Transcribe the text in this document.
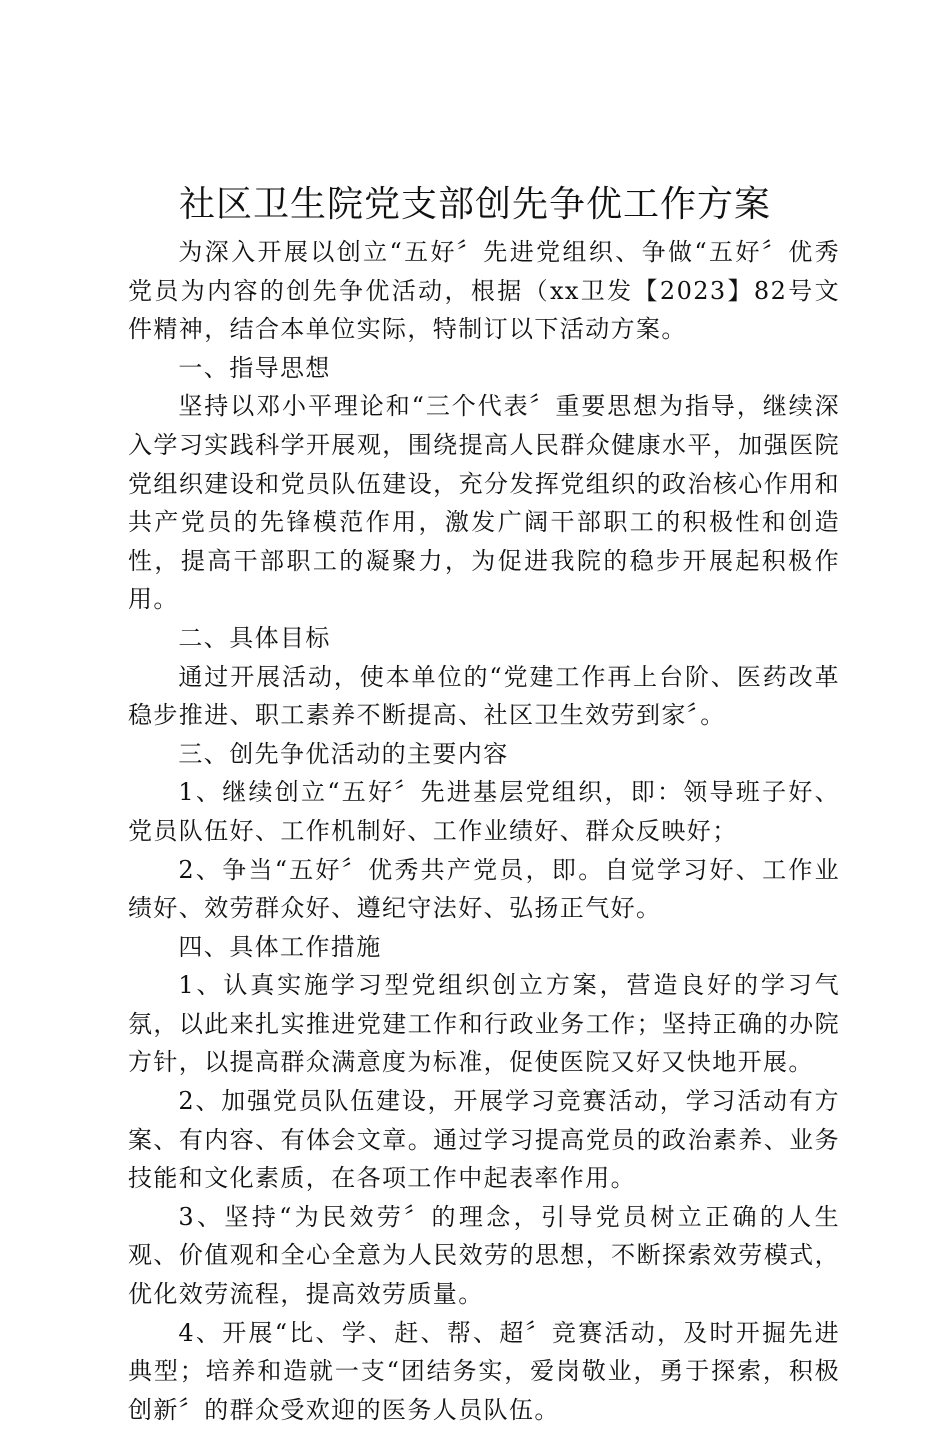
社区卫生院党支部创先争优工作方案

为深入开展以创立“五好〞先进党组织、争做“五好〞优秀党员为内容的创先争优活动，根据（xx卫发【2023】82号文件精神，结合本单位实际，特制订以下活动方案。

一、指导思想

坚持以邓小平理论和“三个代表〞重要思想为指导，继续深入学习实践科学开展观，围绕提高人民群众健康水平，加强医院党组织建设和党员队伍建设，充分发挥党组织的政治核心作用和共产党员的先锋模范作用，激发广阔干部职工的积极性和创造性，提高干部职工的凝聚力，为促进我院的稳步开展起积极作用。

二、具体目标

通过开展活动，使本单位的“党建工作再上台阶、医药改革稳步推进、职工素养不断提高、社区卫生效劳到家〞。

三、创先争优活动的主要内容

1、继续创立“五好〞先进基层党组织，即：领导班子好、党员队伍好、工作机制好、工作业绩好、群众反映好；

2、争当“五好〞优秀共产党员，即。自觉学习好、工作业绩好、效劳群众好、遵纪守法好、弘扬正气好。

四、具体工作措施

1、认真实施学习型党组织创立方案，营造良好的学习气氛，以此来扎实推进党建工作和行政业务工作；坚持正确的办院方针，以提高群众满意度为标准，促使医院又好又快地开展。

2、加强党员队伍建设，开展学习竞赛活动，学习活动有方案、有内容、有体会文章。通过学习提高党员的政治素养、业务技能和文化素质，在各项工作中起表率作用。

3、坚持“为民效劳〞的理念，引导党员树立正确的人生观、价值观和全心全意为人民效劳的思想，不断探索效劳模式，优化效劳流程，提高效劳质量。

4、开展“比、学、赶、帮、超〞竞赛活动，及时开掘先进典型；培养和造就一支“团结务实，爱岗敬业，勇于探索，积极创新〞的群众受欢迎的医务人员队伍。
